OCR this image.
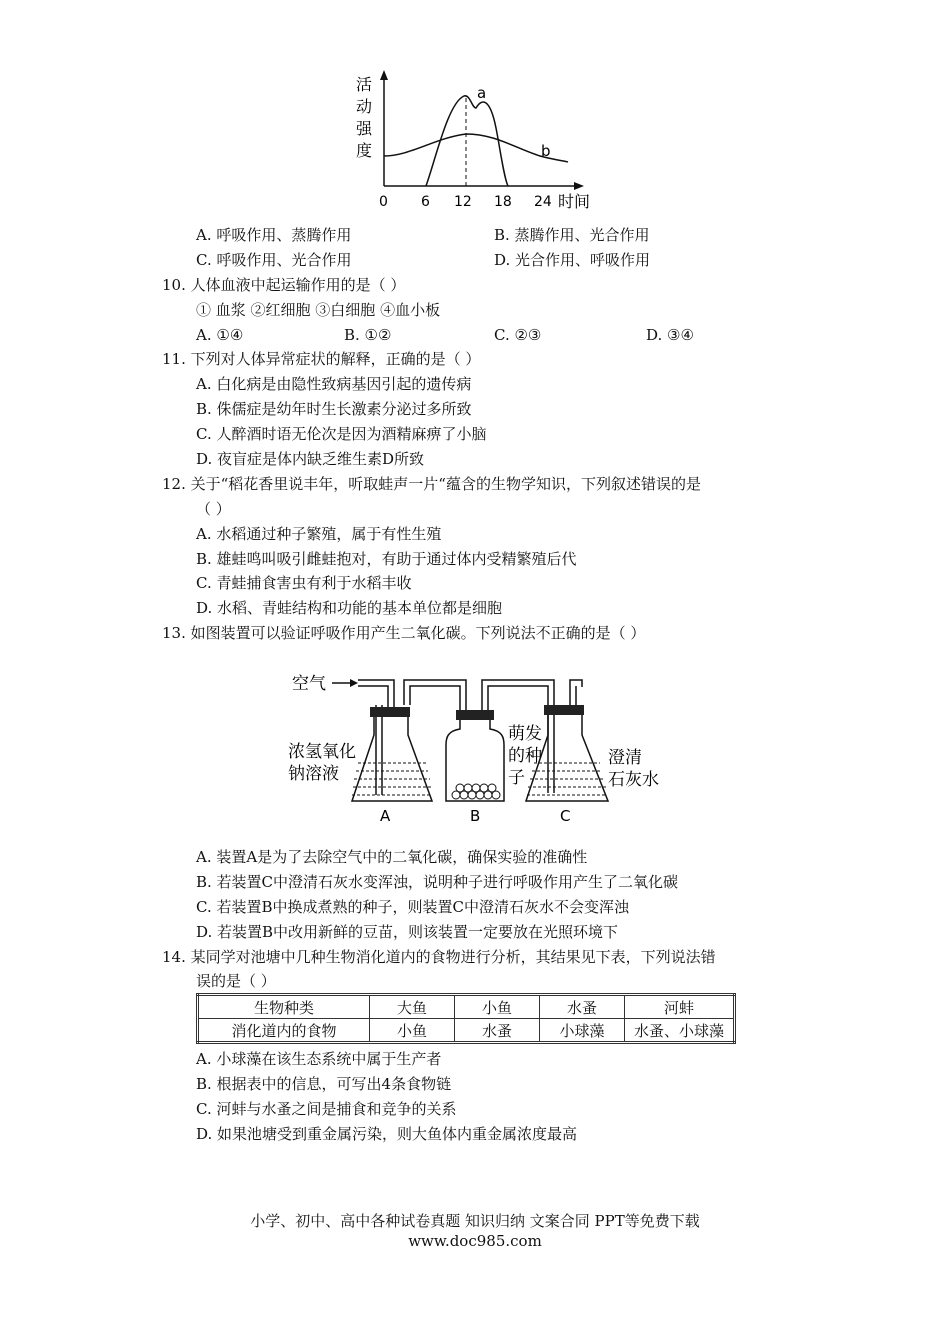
活
动
强
度
0 6 12 18 24 时间
a
b
A. 呼吸作用、蒸腾作用	B. 蒸腾作用、光合作用
C. 呼吸作用、光合作用	D. 光合作用、呼吸作用
10. 人体血液中起运输作用的是（ ）
① 血浆 ②红细胞 ③白细胞 ④血小板
A. ①④	B. ①②	C. ②③	D. ③④
11. 下列对人体异常症状的解释，正确的是（ ）
A. 白化病是由隐性致病基因引起的遗传病
B. 侏儒症是幼年时生长激素分泌过多所致
C. 人醉酒时语无伦次是因为酒精麻痹了小脑
D. 夜盲症是体内缺乏维生素D所致
12. 关于“稻花香里说丰年，听取蛙声一片“蕴含的生物学知识，下列叙述错误的是
（ ）
A. 水稻通过种子繁殖，属于有性生殖
B. 雄蛙鸣叫吸引雌蛙抱对，有助于通过体内受精繁殖后代
C. 青蛙捕食害虫有利于水稻丰收
D. 水稻、青蛙结构和功能的基本单位都是细胞
13. 如图装置可以验证呼吸作用产生二氧化碳。下列说法不正确的是（ ）
空气
浓氢氧化
钠溶液
萌发
的种
子
澄清
石灰水
A	B	C
A. 装置A是为了去除空气中的二氧化碳，确保实验的准确性
B. 若装置C中澄清石灰水变浑浊，说明种子进行呼吸作用产生了二氧化碳
C. 若装置B中换成煮熟的种子，则装置C中澄清石灰水不会变浑浊
D. 若装置B中改用新鲜的豆苗，则该装置一定要放在光照环境下
14. 某同学对池塘中几种生物消化道内的食物进行分析，其结果见下表，下列说法错
误的是（ ）
生物种类	大鱼	小鱼	水蚤	河蚌
消化道内的食物	小鱼	水蚤	小球藻	水蚤、小球藻
A. 小球藻在该生态系统中属于生产者
B. 根据表中的信息，可写出4条食物链
C. 河蚌与水蚤之间是捕食和竞争的关系
D. 如果池塘受到重金属污染，则大鱼体内重金属浓度最高
小学、初中、高中各种试卷真题 知识归纳 文案合同 PPT等免费下载
www.doc985.com
